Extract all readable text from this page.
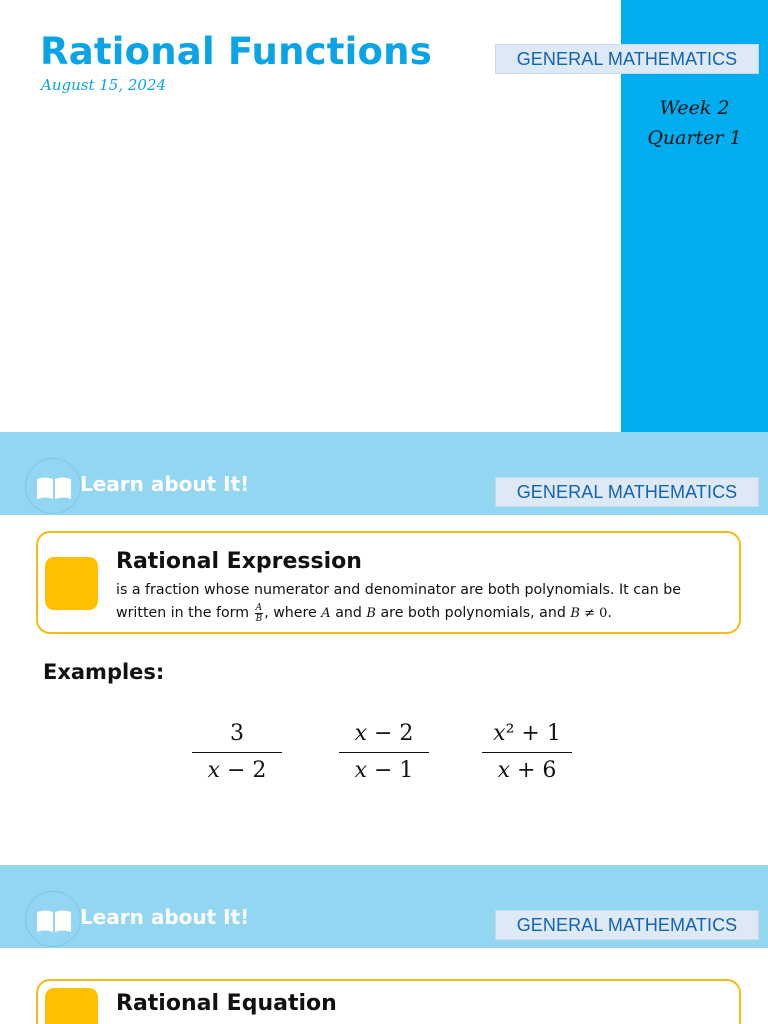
Rational Functions
August 15, 2024
GENERAL MATHEMATICS
Week 2
Quarter 1
Learn about It!	GENERAL MATHEMATICS
Rational Expression
is a fraction whose numerator and denominator are both polynomials. It can be written in the form $\frac{A}{B}$ , where A and B are both polynomials, and B ≠ 0.
Examples:
3
x − 2
x − 2
x − 1
x² + 1
x + 6
Learn about It!	GENERAL MATHEMATICS
Rational Equation
